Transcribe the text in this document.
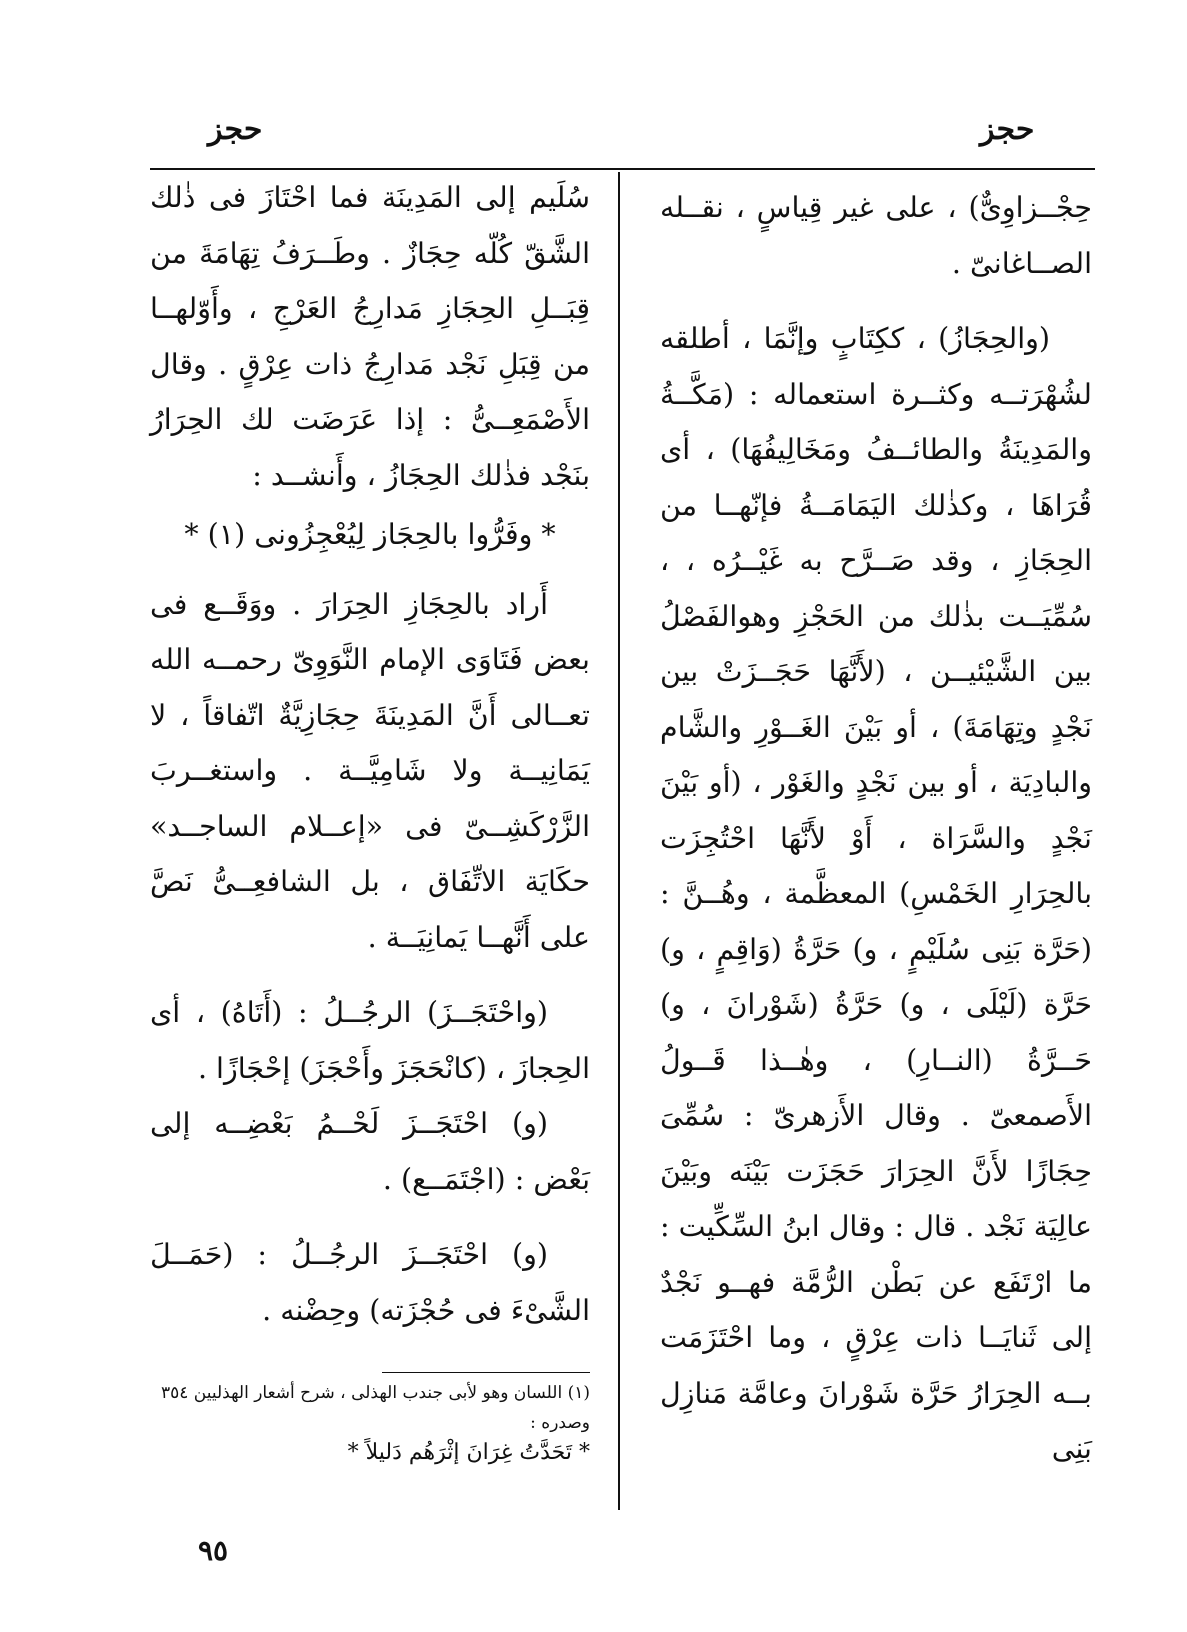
حجز
حجز

حِجْــزاوِىٌّ) ، على غير قِياسٍ ، نقــله الصــاغانىّ .

(والحِجَازُ) ، ككِتَابٍ وإنَّمَا ، أطلقه لشُهْرَتــه وكثــرة استعماله : (مَكَّــةُ والمَدِينَةُ والطائــفُ ومَخَالِيفُهَا) ، أى قُرَاهَا ، وكذٰلك اليَمَامَــةُ فإنّهــا من الحِجَازِ ، وقد صَــرَّح به غَيْــرُه ، ، سُمِّيَــت بذٰلك من الحَجْزِ وهوالفَصْلُ بين الشَّيْئيــن ، (لأَنَّهَا حَجَــزَتْ بين نَجْدٍ وتِهَامَةَ) ، أو بَيْنَ الغَــوْرِ والشَّام والبادِيَة ، أو بين نَجْدٍ والغَوْر ، (أو بَيْنَ نَجْدٍ والسَّرَاة ، أَوْ لأَنَّهَا احْتُجِزَت بالحِرَارِ الخَمْسِ) المعظَّمة ، وهُــنَّ : (حَرَّة بَنِى سُلَيْمٍ ، و) حَرَّةُ (وَاقِمٍ ، و) حَرَّة (لَيْلَى ، و) حَرَّةُ (شَوْرانَ ، و) حَــرَّةُ (النــارِ) ، وهٰــذا قَــولُ الأَصمعىّ . وقال الأَزهرىّ : سُمِّىَ حِجَازًا لأَنَّ الحِرَارَ حَجَزَت بَيْنَه وبَيْنَ عالِيَة نَجْد . قال : وقال ابنُ السِّكِّيت : ما ارْتَفَع عن بَطْن الرُّمَّة فهــو نَجْدٌ إلى ثَنايَــا ذات عِرْقٍ ، وما احْتَزَمَت بــه الحِرَارُ حَرَّة شَوْرانَ وعامَّة مَنازِل بَنِى

سُلَيم إلى المَدِينَة فما احْتَازَ فى ذٰلك الشَّقّ كُلّه حِجَازٌ . وطَــرَفُ تِهَامَةَ من قِبَــلِ الحِجَازِ مَدارِجُ العَرْجِ ، وأَوّلهــا من قِبَلِ نَجْد مَدارِجُ ذات عِرْقٍ . وقال الأَصْمَعِــىُّ : إذا عَرَضَت لك الحِرَارُ بنَجْد فذٰلك الحِجَازُ ، وأَنشــد :

* وفَرُّوا بالحِجَاز لِيُعْجِزُونى (١) *

أَراد بالحِجَازِ الحِرَارَ . ووَقَــع فى بعض فَتَاوَى الإمام النَّوَوِىّ رحمــه الله تعــالى أَنَّ المَدِينَةَ حِجَازِيَّةٌ اتّفاقاً ، لا يَمَانِيــة ولا شَامِيَّــة . واستغــربَ الزَّرْكَشِــىّ فى «إعــلام الساجــد» حكَايَة الاتِّفَاق ، بل الشافعِــىُّ نَصَّ على أَنَّهــا يَمانِيَــة .

(واحْتَجَــزَ) الرجُــلُ : (أَتَاهُ) ، أى الحِجازَ ، (كانْحَجَزَ وأَحْجَزَ) إحْجَازًا .

(و) احْتَجَــزَ لَحْــمُ بَعْضِــه إلى بَعْض : (اجْتَمَــع) .

(و) احْتَجَــزَ الرجُــلُ : (حَمَــلَ الشَّىْءَ فى حُجْزَته) وحِضْنه .

(١) اللسان وهو لأبى جندب الهذلى ، شرح أشعار الهذليين ٣٥٤ وصدره :
* تَحَدَّتُ غِرَانَ إثْرَهُم دَليلاً *
٩٥
